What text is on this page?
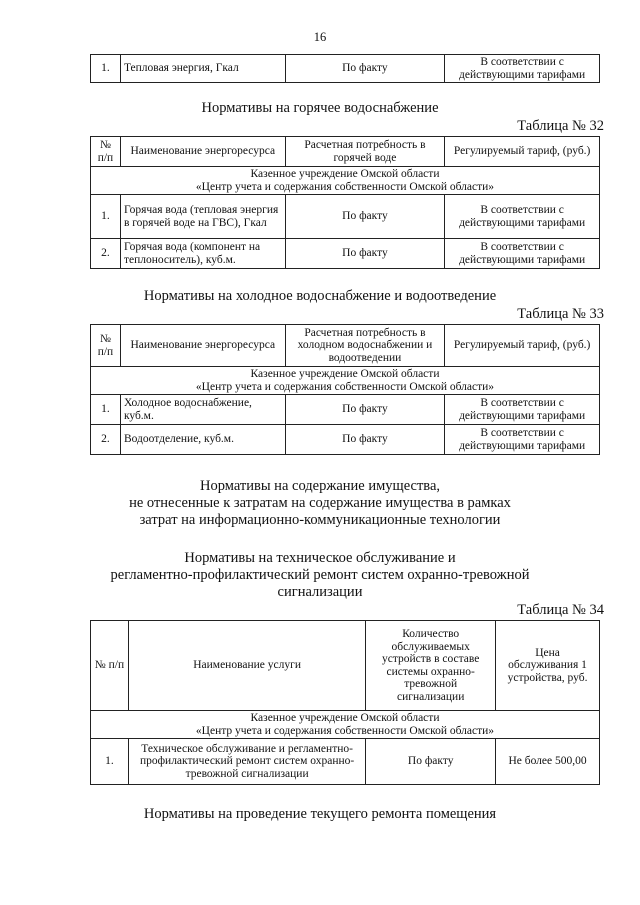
16
1.	Тепловая энергия, Гкал	По факту	В соответствии с действующими тарифами
Нормативы на горячее водоснабжение
Таблица № 32
№ п/п	Наименование энергоресурса	Расчетная потребность в горячей воде	Регулируемый тариф, (руб.)

Казенное учреждение Омской области
«Центр учета и содержания собственности Омской области»			

1.	Горячая вода (тепловая энергия в горячей воде на ГВС), Гкал	По факту	В соответствии с действующими тарифами
2.	Горячая вода (компонент на теплоноситель), куб.м.	По факту	В соответствии с действующими тарифами
Нормативы на холодное водоснабжение и водоотведение
Таблица № 33
№ п/п	Наименование энергоресурса	Расчетная потребность в холодном водоснабжении и водоотведении	Регулируемый тариф, (руб.)

Казенное учреждение Омской области
«Центр учета и содержания собственности Омской области»			

1.	Холодное водоснабжение, куб.м.	По факту	В соответствии с действующими тарифами
2.	Водоотделение, куб.м.	По факту	В соответствии с действующими тарифами
Нормативы на содержание имущества,
не отнесенные к затратам на содержание имущества в рамках
затрат на информационно-коммуникационные технологии
Нормативы на техническое обслуживание и
регламентно-профилактический ремонт систем охранно-тревожной
сигнализации
Таблица № 34
№ п/п	Наименование услуги	Количество обслуживаемых устройств в составе системы охранно-тревожной сигнализации	Цена обслуживания 1 устройства, руб.

Казенное учреждение Омской области
«Центр учета и содержания собственности Омской области»			

1.	Техническое обслуживание и регламентно-профилактический ремонт систем охранно-тревожной сигнализации	По факту	Не более 500,00
Нормативы на проведение текущего ремонта помещения
